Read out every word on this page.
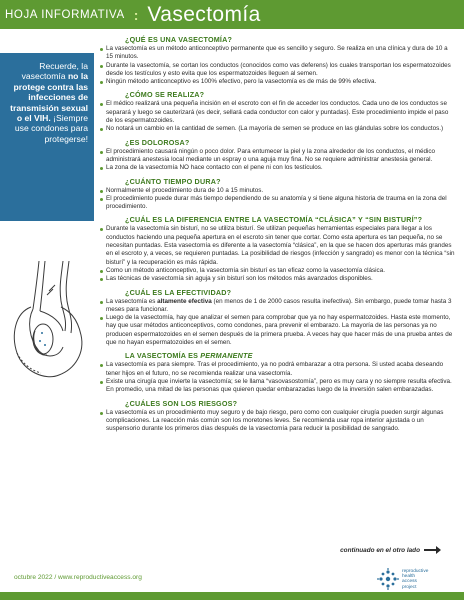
HOJA INFORMATIVA : Vasectomía

Recuerde, la vasectomía no la protege contra las infecciones de transmisión sexual o el VIH. ¡Siempre use condones para protegerse!

¿QUÉ ES UNA VASECTOMÍA?
La vasectomía es un método anticonceptivo permanente que es sencillo y seguro. Se realiza en una clínica y dura de 10 a 15 minutos.
Durante la vasectomía, se cortan los conductos (conocidos como vas deferens) los cuales transportan los espermatozoides desde los testículos y esto evita que los espermatozoides lleguen al semen.
Ningún método anticonceptivo es 100% efectivo, pero la vasectomía es de más de 99% efectiva.
¿CÓMO SE REALIZA?
El médico realizará una pequeña incisión en el escroto con el fin de acceder los conductos. Cada uno de los conductos se separará y luego se cauterizará (es decir, sellará cada conductor con calor y puntadas). Este procedimiento impide el paso de los espermatozoides.
No notará un cambio en la cantidad de semen. (La mayoría de semen se produce en las glándulas sobre los conductos.)
¿ES DOLOROSA?
El procedimiento causará ningún o poco dolor. Para entumecer la piel y la zona alrededor de los conductos, el médico administrará anestesia local mediante un espray o una aguja muy fina. No se requiere administrar anestesia general.
La zona de la vasectomía NO hace contacto con el pene ni con los testículos.
¿CUÁNTO TIEMPO DURA?
Normalmente el procedimiento dura de 10 a 15 minutos.
El procedimiento puede durar más tiempo dependiendo de su anatomía y si tiene alguna historia de trauma en la zona del procedimiento.
¿CUÁL ES LA DIFERENCIA ENTRE LA VASECTOMÍA “CLÁSICA” Y “SIN BISTURÍ”?
Durante la vasectomía sin bisturí, no se utiliza bisturí. Se utilizan pequeñas herramientas especiales para llegar a los conductos haciendo una pequeña apertura en el escroto sin tener que cortar. Como esta apertura es tan pequeña, no se necesitan puntadas. Esta vasectomía es diferente a la vasectomía “clásica”, en la que se hacen dos aperturas más grandes en el escroto y, a veces, se requieren puntadas. La posibilidad de riesgos (infección y sangrado) es menor con la técnica “sin bisturí” y la recuperación es más rápida.
Como un método anticonceptivo, la vasectomía sin bisturí es tan eficaz como la vasectomía clásica.
Las técnicas de vasectomía sin aguja y sin bisturí son los métodos más avanzados disponibles.
¿CUÁL ES LA EFECTIVIDAD?
La vasectomía es altamente efectiva (en menos de 1 de 2000 casos resulta inefectiva). Sin embargo, puede tomar hasta 3 meses para funcionar.
Luego de la vasectomía, hay que analizar el semen para comprobar que ya no hay espermatozoides. Hasta este momento, hay que usar métodos anticonceptivos, como condones, para prevenir el embarazo. La mayoría de las personas ya no producen espermatozoides en el semen después de la primera prueba. A veces hay que hacer más de una prueba antes de que no hayan espermatozoides en el semen.
LA VASECTOMÍA ES PERMANENTE
La vasectomía es para siempre. Tras el procedimiento, ya no podrá embarazar a otra persona. Si usted acaba deseando tener hijos en el futuro, no se recomienda realizar una vasectomía.
Existe una cirugía que invierte la vasectomía; se le llama “vasovasostomía”, pero es muy cara y no siempre resulta efectiva. En promedio, una mitad de las personas que quieren quedar embarazadas luego de la inversión salen embarazadas.
¿CUÁLES SON LOS RIESGOS?
La vasectomía es un procedimiento muy seguro y de bajo riesgo, pero como con cualquier cirugía pueden surgir algunas complicaciones. La reacción más común son los moretones leves. Se recomienda usar ropa interior ajustada o un suspensorio durante los primeros días después de la vasectomía para reducir la posibilidad de sangrado.
continuado en el otro lado
octubre 2022 / www.reproductiveaccess.org
reproductive
health
access
project
